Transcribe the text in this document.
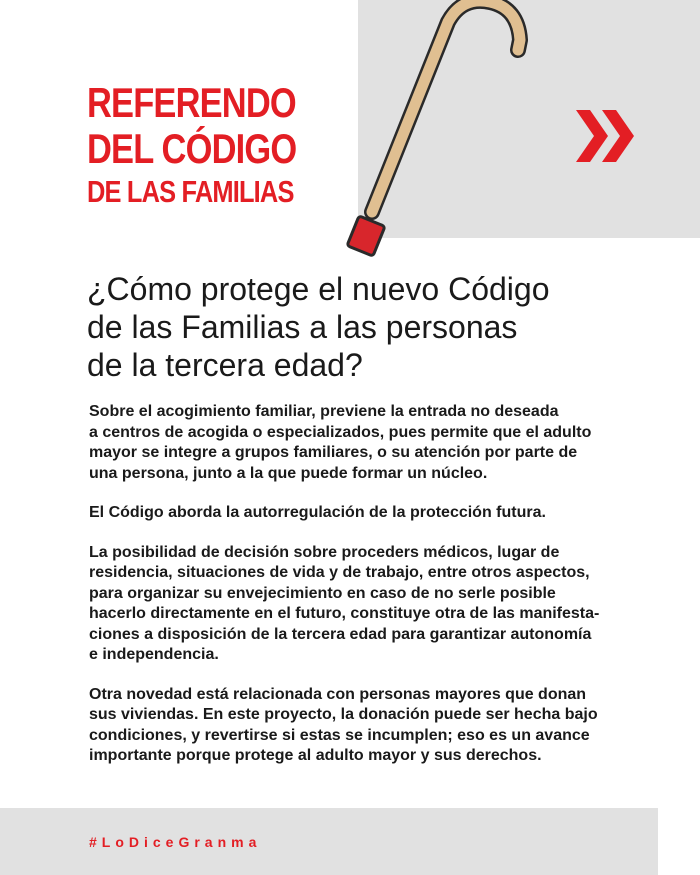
REFERENDO
DEL CÓDIGO
DE LAS FAMILIAS
¿Cómo protege el nuevo Código
de las Familias a las personas
de la tercera edad?

Sobre el acogimiento familiar, previene la entrada no deseada
a centros de acogida o especializados, pues permite que el adulto
mayor se integre a grupos familiares, o su atención por parte de
una persona, junto a la que puede formar un núcleo.

El Código aborda la autorregulación de la protección futura.

La posibilidad de decisión sobre proceders médicos, lugar de
residencia, situaciones de vida y de trabajo, entre otros aspectos,
para organizar su envejecimiento en caso de no serle posible
hacerlo directamente en el futuro, constituye otra de las manifesta-
ciones a disposición de la tercera edad para garantizar autonomía
e independencia.

Otra novedad está relacionada con personas mayores que donan
sus viviendas. En este proyecto, la donación puede ser hecha bajo
condiciones, y revertirse si estas se incumplen; eso es un avance
importante porque protege al adulto mayor y sus derechos.

#LoDiceGranma
